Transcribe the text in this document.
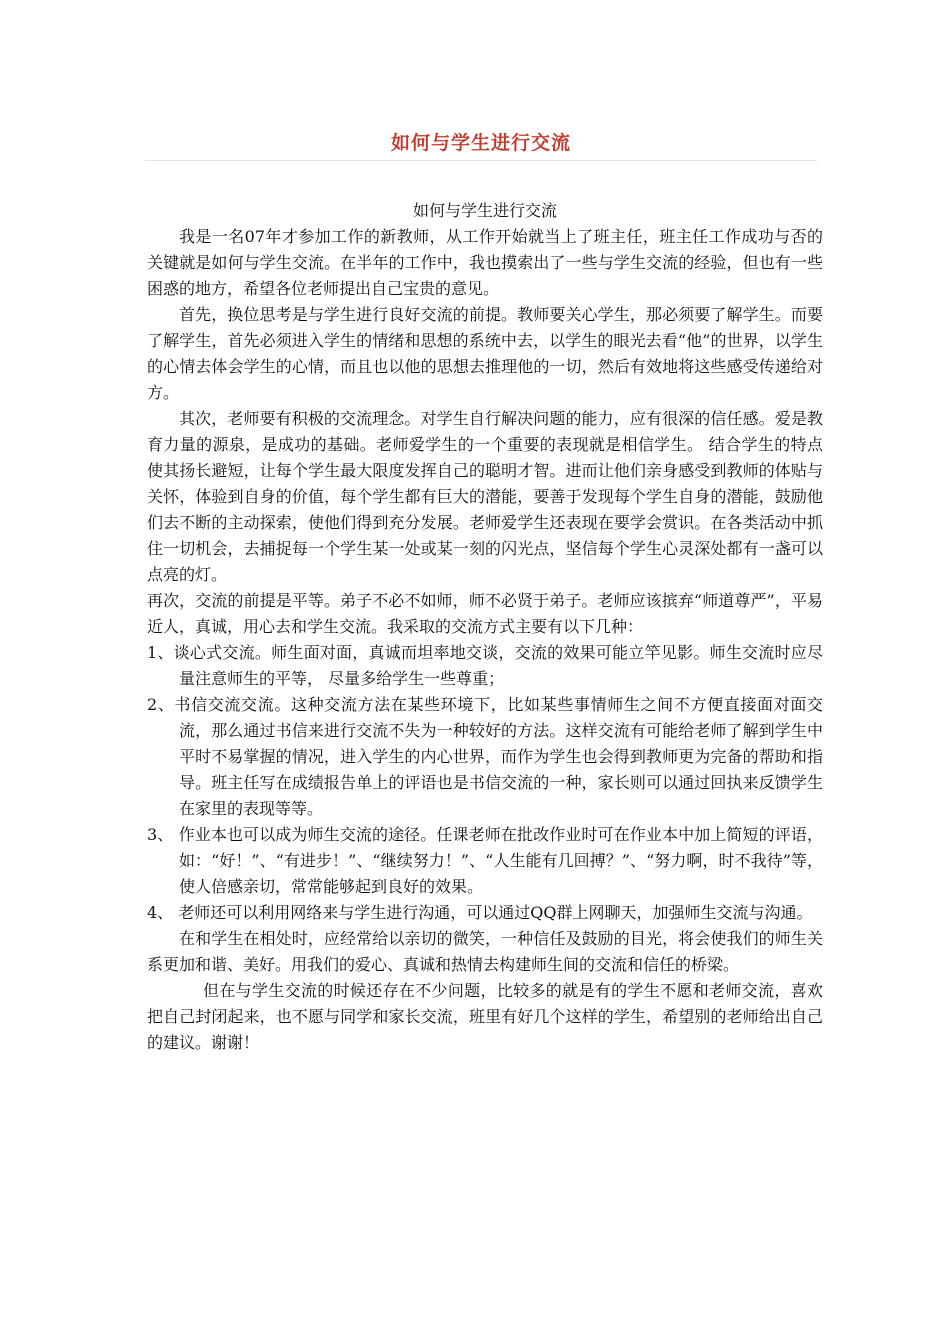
如何与学生进行交流

如何与学生进行交流

我是一名07年才参加工作的新教师，从工作开始就当上了班主任，班主任工作成功与否的关键就是如何与学生交流。在半年的工作中，我也摸索出了一些与学生交流的经验，但也有一些困惑的地方，希望各位老师提出自己宝贵的意见。

首先，换位思考是与学生进行良好交流的前提。教师要关心学生，那必须要了解学生。而要了解学生，首先必须进入学生的情绪和思想的系统中去，以学生的眼光去看“他”的世界，以学生的心情去体会学生的心情，而且也以他的思想去推理他的一切，然后有效地将这些感受传递给对方。

其次，老师要有积极的交流理念。对学生自行解决问题的能力，应有很深的信任感。爱是教育力量的源泉，是成功的基础。老师爱学生的一个重要的表现就是相信学生。 结合学生的特点使其扬长避短，让每个学生最大限度发挥自己的聪明才智。进而让他们亲身感受到教师的体贴与关怀，体验到自身的价值，每个学生都有巨大的潜能，要善于发现每个学生自身的潜能，鼓励他们去不断的主动探索，使他们得到充分发展。老师爱学生还表现在要学会赏识。在各类活动中抓住一切机会，去捕捉每一个学生某一处或某一刻的闪光点，坚信每个学生心灵深处都有一盏可以点亮的灯。

再次，交流的前提是平等。弟子不必不如师，师不必贤于弟子。老师应该摈弃“师道尊严”，平易近人，真诚，用心去和学生交流。我采取的交流方式主要有以下几种：

1、谈心式交流。师生面对面，真诚而坦率地交谈，交流的效果可能立竿见影。师生交流时应尽量注意师生的平等， 尽量多给学生一些尊重；

2、书信交流交流。这种交流方法在某些环境下，比如某些事情师生之间不方便直接面对面交流，那么通过书信来进行交流不失为一种较好的方法。这样交流有可能给老师了解到学生中平时不易掌握的情况，进入学生的内心世界，而作为学生也会得到教师更为完备的帮助和指导。班主任写在成绩报告单上的评语也是书信交流的一种，家长则可以通过回执来反馈学生在家里的表现等等。

3、 作业本也可以成为师生交流的途径。任课老师在批改作业时可在作业本中加上简短的评语，如：“好！”、“有进步！”、“继续努力！”、“人生能有几回搏？”、“努力啊，时不我待”等，使人倍感亲切，常常能够起到良好的效果。

4、 老师还可以利用网络来与学生进行沟通，可以通过QQ群上网聊天，加强师生交流与沟通。

在和学生在相处时，应经常给以亲切的微笑，一种信任及鼓励的目光，将会使我们的师生关系更加和谐、美好。用我们的爱心、真诚和热情去构建师生间的交流和信任的桥梁。

但在与学生交流的时候还存在不少问题，比较多的就是有的学生不愿和老师交流，喜欢把自己封闭起来，也不愿与同学和家长交流，班里有好几个这样的学生，希望别的老师给出自己的建议。谢谢！
